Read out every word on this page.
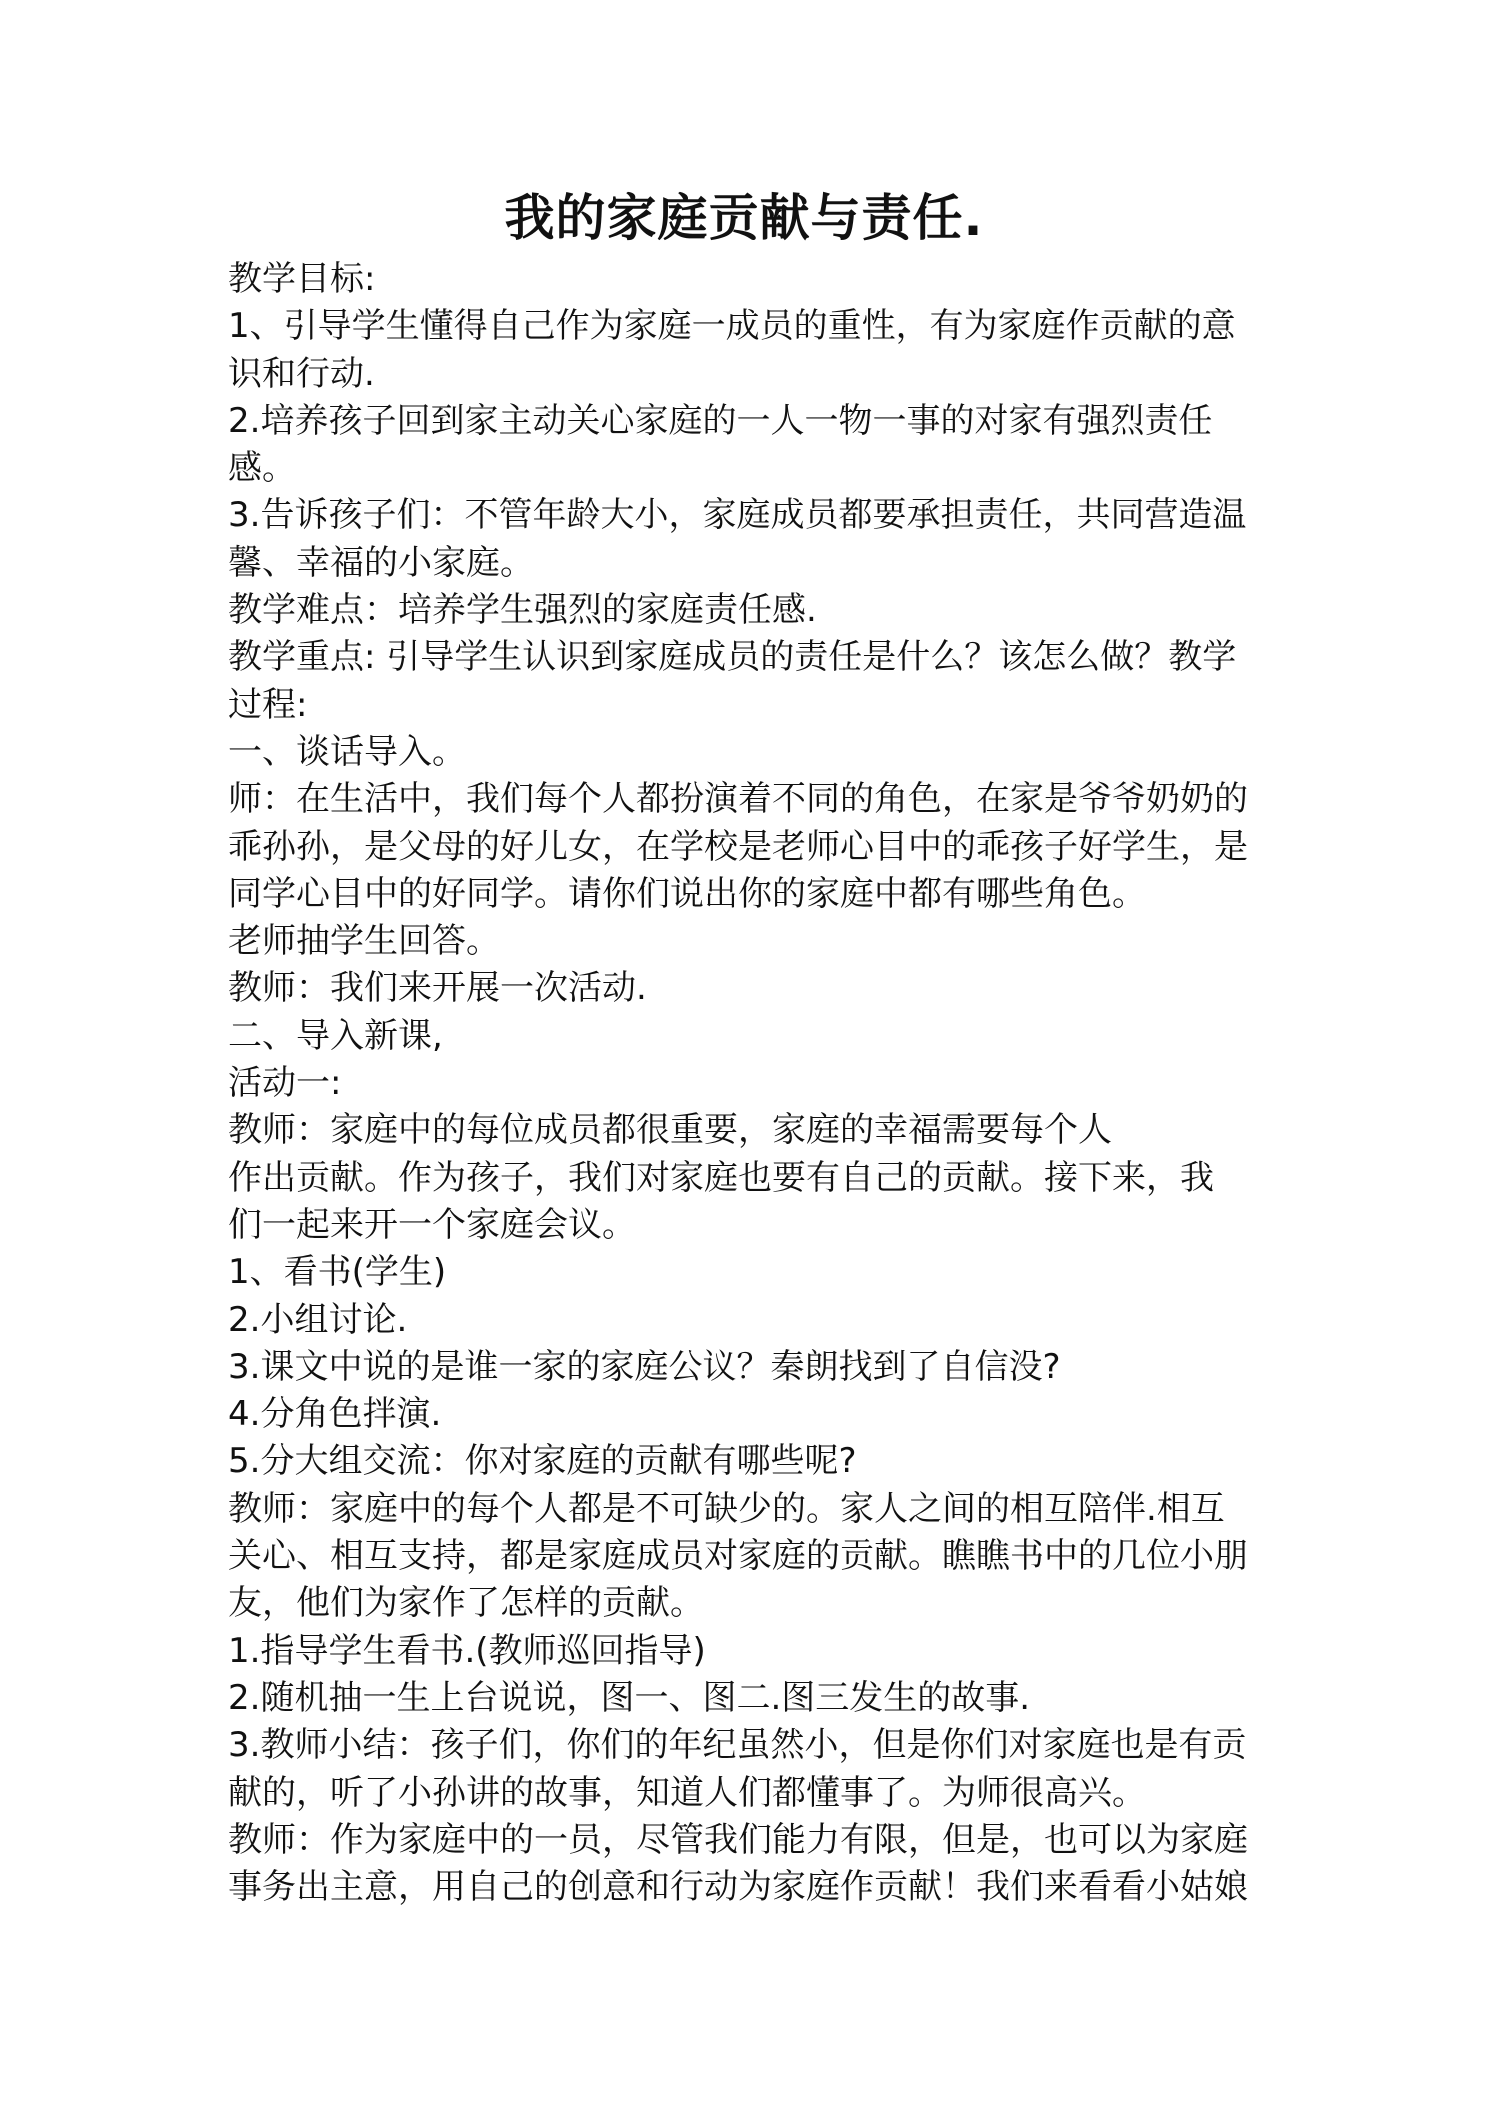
我的家庭贡献与责任.
教学目标:
1、引导学生懂得自己作为家庭一成员的重性，有为家庭作贡献的意
识和行动.
2.培养孩子回到家主动关心家庭的一人一物一事的对家有强烈责任
感。
3.告诉孩子们：不管年龄大小，家庭成员都要承担责任，共同营造温
馨、幸福的小家庭。
教学难点：培养学生强烈的家庭责任感.
教学重点: 引导学生认识到家庭成员的责任是什么？该怎么做？教学
过程:
一、谈话导入。
师：在生活中，我们每个人都扮演着不同的角色，在家是爷爷奶奶的
乖孙孙，是父母的好儿女，在学校是老师心目中的乖孩子好学生，是
同学心目中的好同学。请你们说出你的家庭中都有哪些角色。
老师抽学生回答。
教师：我们来开展一次活动.
二、导入新课,
活动一:
教师：家庭中的每位成员都很重要，家庭的幸福需要每个人
作出贡献。作为孩子，我们对家庭也要有自己的贡献。接下来，我
们一起来开一个家庭会议。
1、看书(学生)
2.小组讨论.
3.课文中说的是谁一家的家庭公议？秦朗找到了自信没?
4.分角色拌演.
5.分大组交流：你对家庭的贡献有哪些呢?
教师：家庭中的每个人都是不可缺少的。家人之间的相互陪伴.相互
关心、相互支持，都是家庭成员对家庭的贡献。瞧瞧书中的几位小朋
友，他们为家作了怎样的贡献。
1.指导学生看书.(教师巡回指导)
2.随机抽一生上台说说，图一、图二.图三发生的故事.
3.教师小结：孩子们，你们的年纪虽然小，但是你们对家庭也是有贡
献的，听了小孙讲的故事，知道人们都懂事了。为师很高兴。
教师：作为家庭中的一员，尽管我们能力有限，但是，也可以为家庭
事务出主意，用自己的创意和行动为家庭作贡献！我们来看看小姑娘
